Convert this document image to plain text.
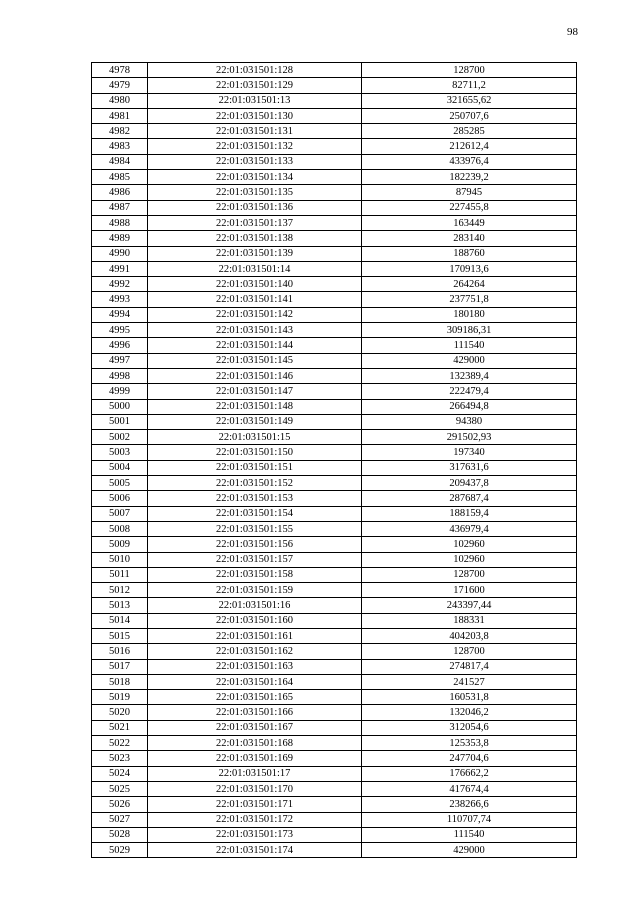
98
4978	22:01:031501:128	128700
4979	22:01:031501:129	82711,2
4980	22:01:031501:13	321655,62
4981	22:01:031501:130	250707,6
4982	22:01:031501:131	285285
4983	22:01:031501:132	212612,4
4984	22:01:031501:133	433976,4
4985	22:01:031501:134	182239,2
4986	22:01:031501:135	87945
4987	22:01:031501:136	227455,8
4988	22:01:031501:137	163449
4989	22:01:031501:138	283140
4990	22:01:031501:139	188760
4991	22:01:031501:14	170913,6
4992	22:01:031501:140	264264
4993	22:01:031501:141	237751,8
4994	22:01:031501:142	180180
4995	22:01:031501:143	309186,31
4996	22:01:031501:144	111540
4997	22:01:031501:145	429000
4998	22:01:031501:146	132389,4
4999	22:01:031501:147	222479,4
5000	22:01:031501:148	266494,8
5001	22:01:031501:149	94380
5002	22:01:031501:15	291502,93
5003	22:01:031501:150	197340
5004	22:01:031501:151	317631,6
5005	22:01:031501:152	209437,8
5006	22:01:031501:153	287687,4
5007	22:01:031501:154	188159,4
5008	22:01:031501:155	436979,4
5009	22:01:031501:156	102960
5010	22:01:031501:157	102960
5011	22:01:031501:158	128700
5012	22:01:031501:159	171600
5013	22:01:031501:16	243397,44
5014	22:01:031501:160	188331
5015	22:01:031501:161	404203,8
5016	22:01:031501:162	128700
5017	22:01:031501:163	274817,4
5018	22:01:031501:164	241527
5019	22:01:031501:165	160531,8
5020	22:01:031501:166	132046,2
5021	22:01:031501:167	312054,6
5022	22:01:031501:168	125353,8
5023	22:01:031501:169	247704,6
5024	22:01:031501:17	176662,2
5025	22:01:031501:170	417674,4
5026	22:01:031501:171	238266,6
5027	22:01:031501:172	110707,74
5028	22:01:031501:173	111540
5029	22:01:031501:174	429000
